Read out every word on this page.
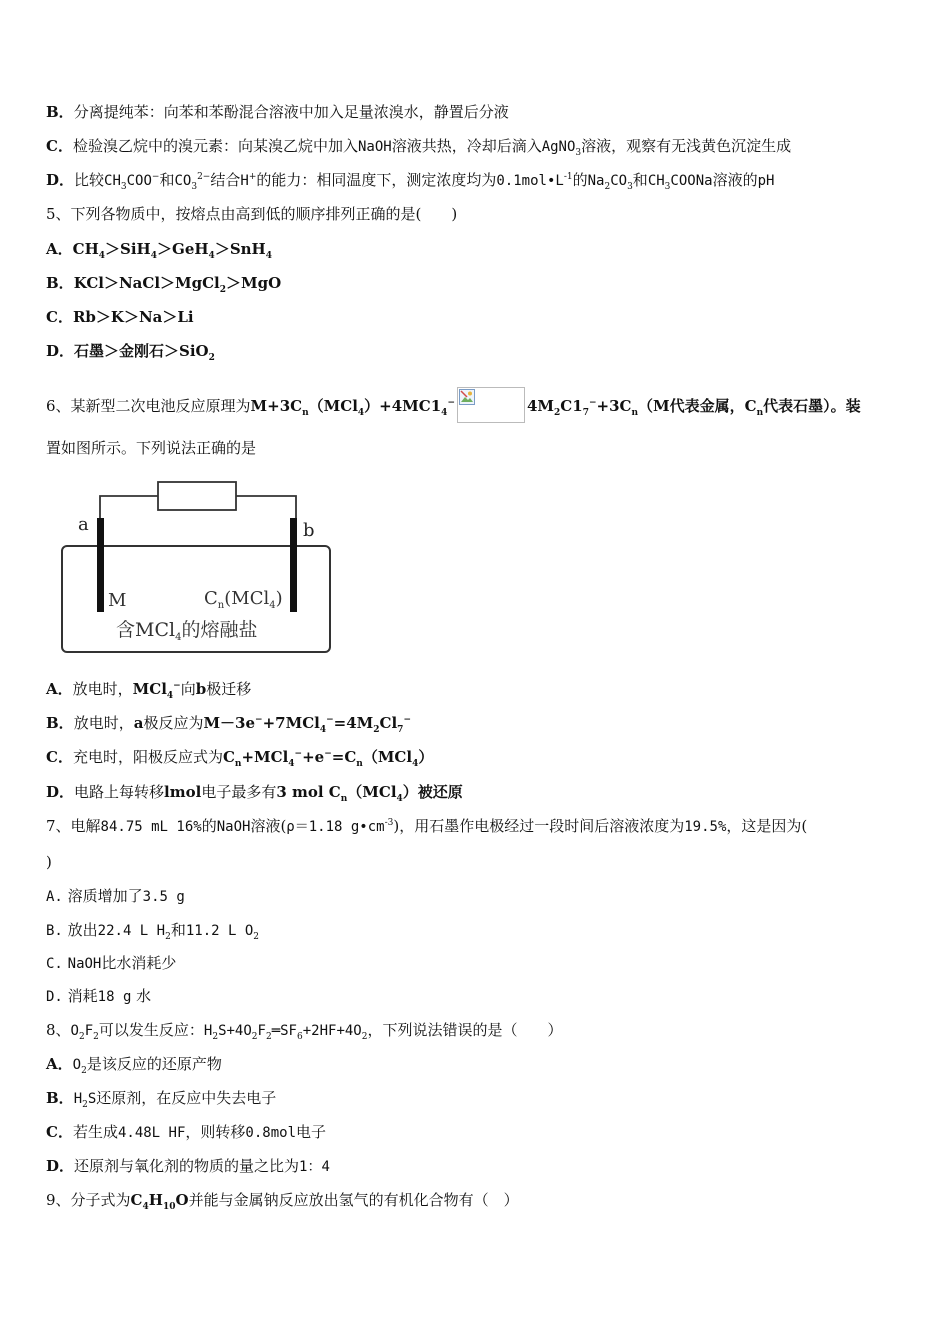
B．分离提纯苯：向苯和苯酚混合溶液中加入足量浓溴水，静置后分液
C．检验溴乙烷中的溴元素：向某溴乙烷中加入NaOH溶液共热，冷却后滴入AgNO$_3$溶液，观察有无浅黄色沉淀生成
D．比较$CH_3COO^-$和$CO_3^{2-}$结合H+的能力：相同温度下，测定浓度均为$0.1mol•L^{-1}$的$Na_2CO_3$和$CH_3COONa$溶液的pH
5、下列各物质中，按熔点由高到低的顺序排列正确的是(　　)
A．$CH_4>SiH_4>GeH_4>SnH_4$
B．KCl＞NaCl＞MgCl$_2$＞MgO
C．Rb＞K＞Na＞Li
D．石墨＞金刚石＞SiO$_2$
6、某新型二次电池反应原理为$M+3C_n(MCl_4)+4MC1_4^-$	$4M_2C1_7^-+3C_n(M$代表金属，$C_n$代表石墨）。装
置如图所示。下列说法正确的是
a	b
M	$C_n(MCl_4)$
含MCl$_4$的熔融盐
A．放电时，MCl$_4$−向b极迁移
B．放电时，a极反应为$M-3e^-+7MCl_4^-=4M_2Cl_7^-$
C．充电时，阳极反应式为$C_n+MCl_4^-+e^-=C_n(MCl_4)$
D．电路上每转移lmol电子最多有3 mol $C_n(MCl_4)$被还原
7、电解84.75 mL 16%的NaOH溶液(ρ＝1.18 $g•cm^{-3}$)，用石墨作电极经过一段时间后溶液浓度为19.5%，这是因为(
)
A. 溶质增加了3.5 g
B. 放出22.4 L $H_2$和11.2 L $O_2$
C. NaOH比水消耗少
D. 消耗18 g 水
8、$O_2F_2$可以发生反应：$H_2S+4O_2F_2═SF_6+2HF+4O_2$，下列说法错误的是（　　）
A．$O_2$是该反应的还原产物
B．$H_2S$还原剂，在反应中失去电子
C．若生成4.48L HF，则转移0.8mol电子
D．还原剂与氧化剂的物质的量之比为1：4
9、分子式为$C_4H_{10}O$并能与金属钠反应放出氢气的有机化合物有（　）
